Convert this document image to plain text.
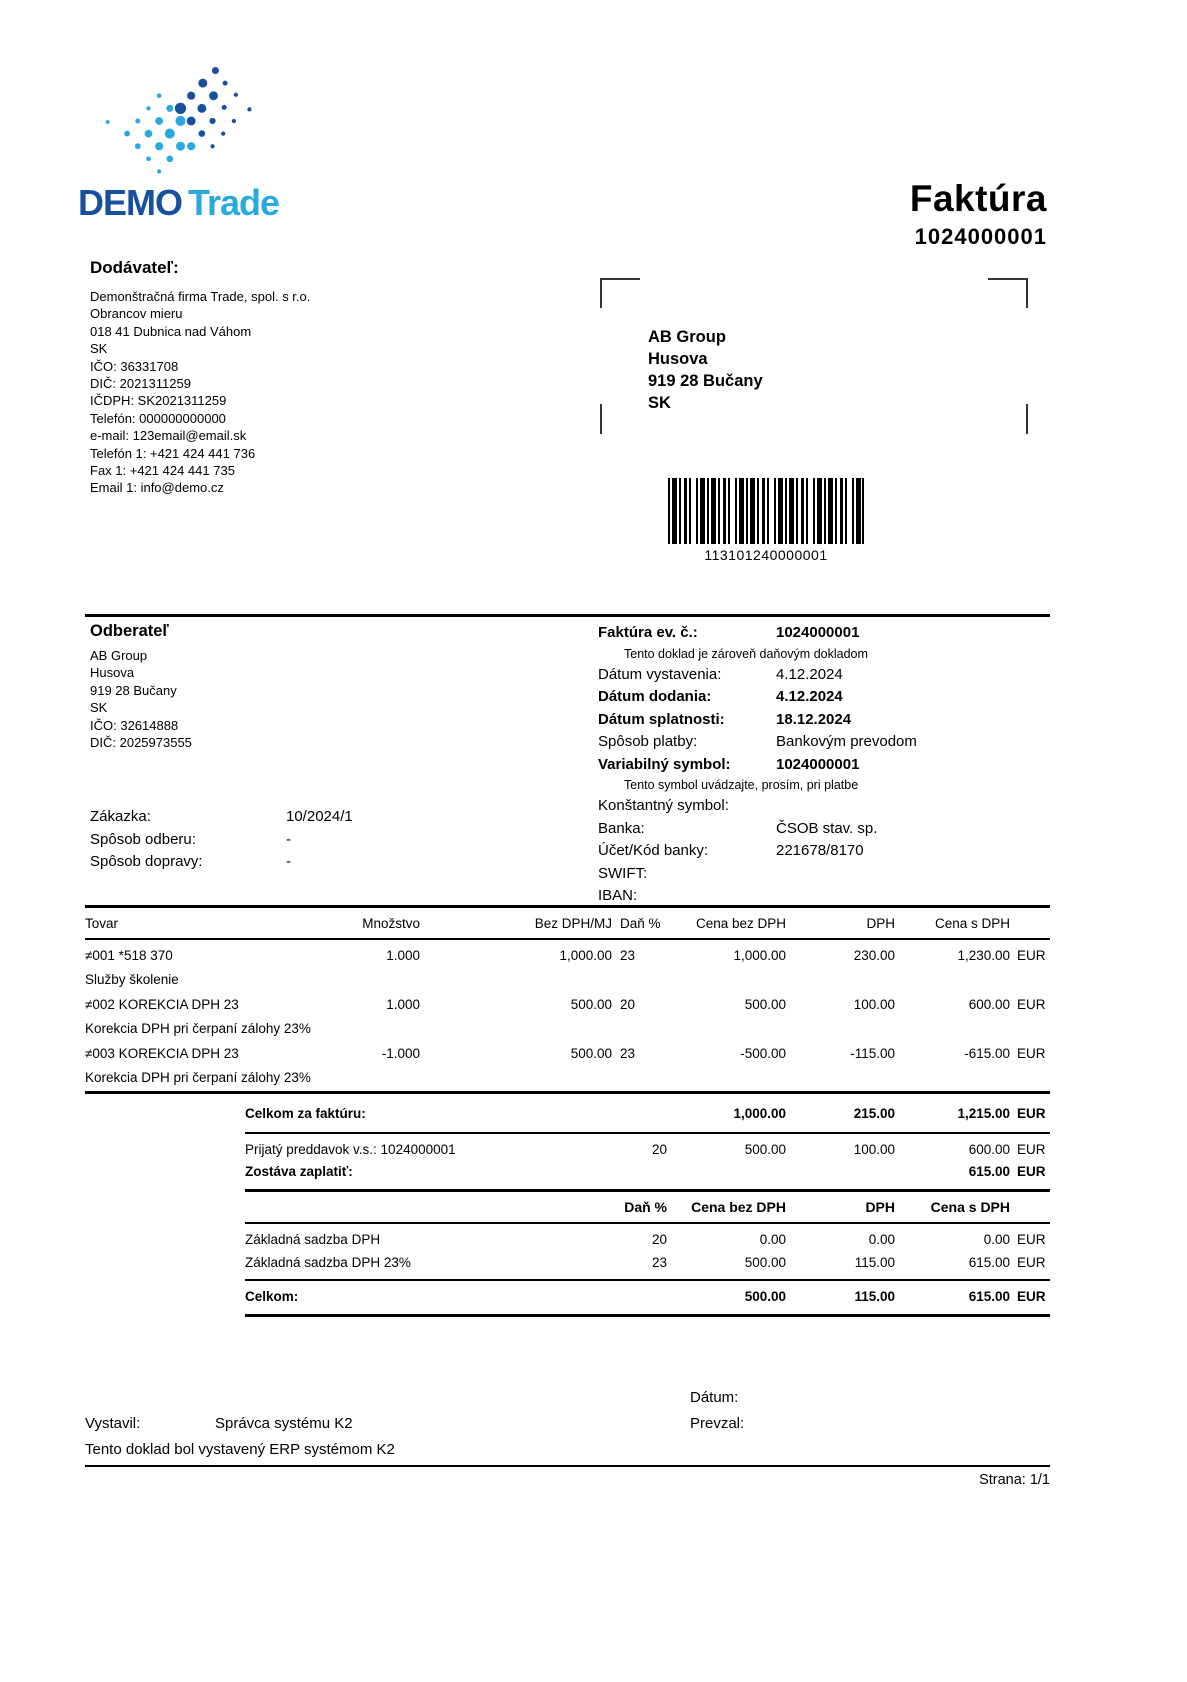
DEMO Trade	Faktúra
1024000001
Dodávateľ:
Demonštračná firma Trade, spol. s r.o.
Obrancov mieru
018 41 Dubnica nad Váhom
SK
IČO: 36331708
DIČ: 2021311259
IČDPH: SK2021311259
Telefón: 000000000000
e-mail: 123email@email.sk
Telefón 1: +421 424 441 736
Fax 1: +421 424 441 735
Email 1: info@demo.cz
AB Group
Husova
919 28 Bučany
SK
113101240000001
Odberateľ
AB Group
Husova
919 28 Bučany
SK
IČO: 32614888
DIČ: 2025973555
Zákazka:	10/2024/1
Spôsob odberu:	-
Spôsob dopravy:	-
Faktúra ev. č.:	1024000001
Tento doklad je zároveň daňovým dokladom
Dátum vystavenia:	4.12.2024
Dátum dodania:	4.12.2024
Dátum splatnosti:	18.12.2024
Spôsob platby:	Bankovým prevodom
Variabilný symbol:	1024000001
Tento symbol uvádzajte, prosím, pri platbe
Konštantný symbol:
Banka:	ČSOB stav. sp.
Účet/Kód banky:	221678/8170
SWIFT:
IBAN:
Tovar	Množstvo	Bez DPH/MJ Daň %	Cena bez DPH	DPH	Cena s DPH
≠001 *518 370	1.000	1,000.00 23	1,000.00	230.00	1,230.00 EUR
Služby školenie
≠002 KOREKCIA DPH 23	1.000	500.00 20	500.00	100.00	600.00 EUR
Korekcia DPH pri čerpaní zálohy 23%
≠003 KOREKCIA DPH 23	-1.000	500.00 23	-500.00	-115.00	-615.00 EUR
Korekcia DPH pri čerpaní zálohy 23%
Celkom za faktúru:	1,000.00	215.00	1,215.00 EUR
Prijatý preddavok v.s.: 1024000001	20	500.00	100.00	600.00 EUR
Zostáva zaplatiť:	615.00 EUR
Daň %	Cena bez DPH	DPH	Cena s DPH
Základná sadzba DPH	20	0.00	0.00	0.00 EUR
Základná sadzba DPH 23%	23	500.00	115.00	615.00 EUR
Celkom:	500.00	115.00	615.00 EUR
Dátum:
Vystavil:	Správca systému K2	Prevzal:
Tento doklad bol vystavený ERP systémom K2
Strana: 1/1
